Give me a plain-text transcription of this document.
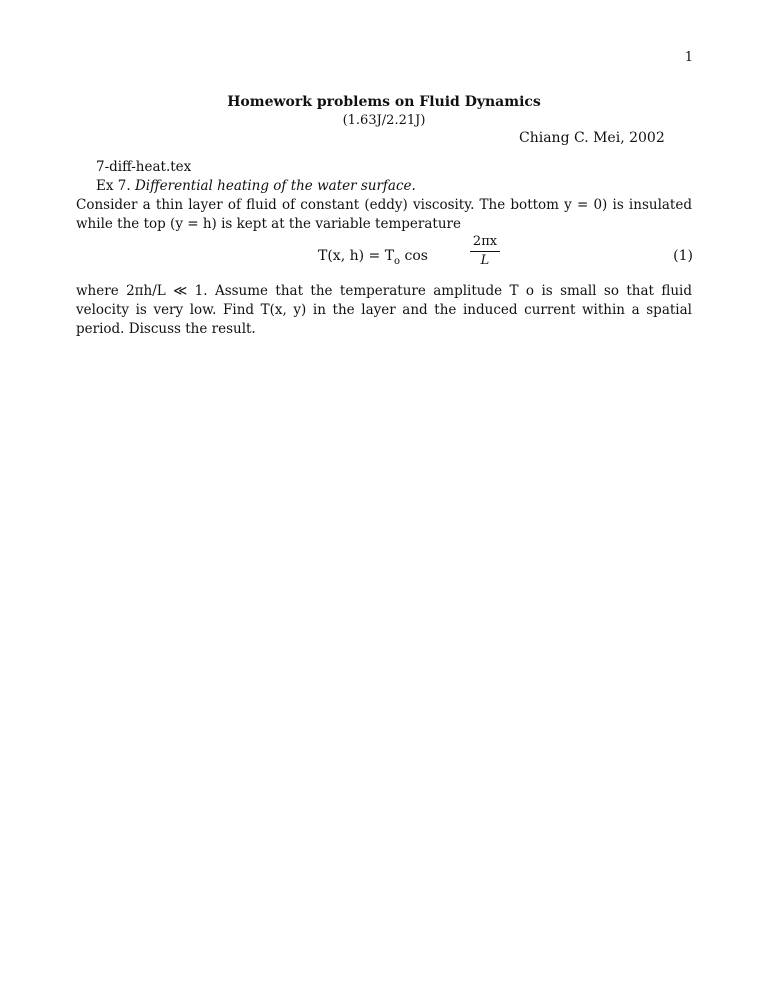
1
Homework problems on Fluid Dynamics
(1.63J/2.21J)
Chiang C. Mei, 2002
7-diff-heat.tex
Ex 7. Differential heating of the water surface.

Consider a thin layer of fluid of constant (eddy) viscosity. The bottom y = 0) is insulated while the top (y = h) is kept at the variable temperature

T(x, $h) = T_o$ cos
2πx
L	(1)

where 2πh/L ≪ 1. Assume that the temperature amplitude T o is small so that fluid velocity is very low. Find T(x, y) in the layer and the induced current within a spatial period. Discuss the result.
